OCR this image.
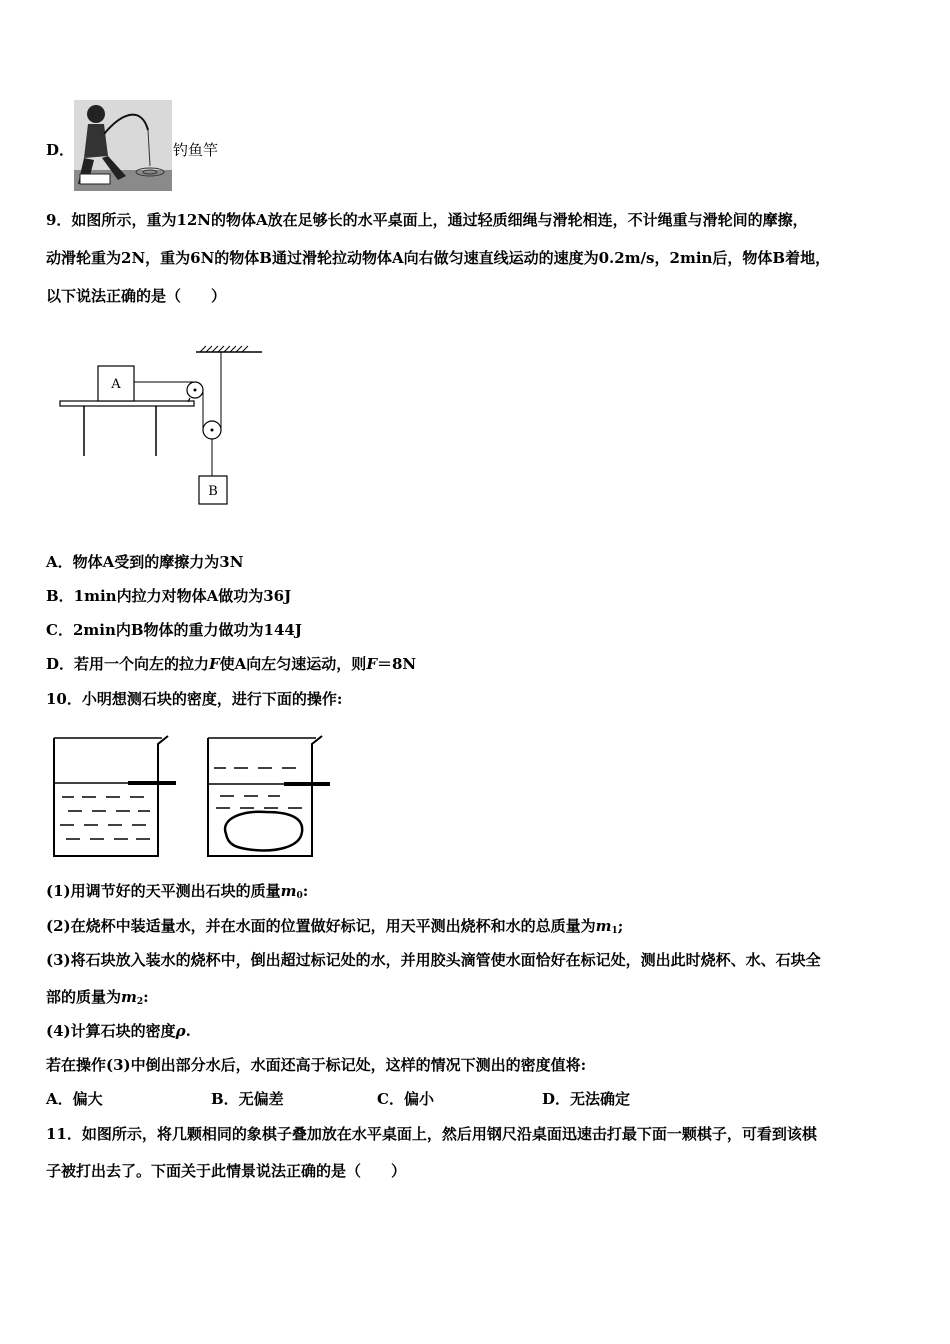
D．	钓鱼竿
9．如图所示，重为12N的物体A放在足够长的水平桌面上，通过轻质细绳与滑轮相连，不计绳重与滑轮间的摩擦，
动滑轮重为2N，重为6N的物体B通过滑轮拉动物体A向右做匀速直线运动的速度为0.2m/s，2min后，物体B着地，
以下说法正确的是（　　）
A
B
A．物体A受到的摩擦力为3N
B．1min内拉力对物体A做功为36J
C．2min内B物体的重力做功为144J
D．若用一个向左的拉力F使A向左匀速运动，则F＝8N
10．小明想测石块的密度，进行下面的操作:
(1)用调节好的天平测出石块的质量$m_0$:
(2)在烧杯中装适量水，并在水面的位置做好标记，用天平测出烧杯和水的总质量为$m_1$;
(3)将石块放入装水的烧杯中，倒出超过标记处的水，并用胶头滴管使水面恰好在标记处，测出此时烧杯、水、石块全
部的质量为$m_2$:
(4)计算石块的密度ρ.
若在操作(3)中倒出部分水后，水面还高于标记处，这样的情况下测出的密度值将:
A．偏大	B．无偏差	C．偏小	D．无法确定
11．如图所示，将几颗相同的象棋子叠加放在水平桌面上，然后用钢尺沿桌面迅速击打最下面一颗棋子，可看到该棋
子被打出去了。下面关于此情景说法正确的是（　　）
